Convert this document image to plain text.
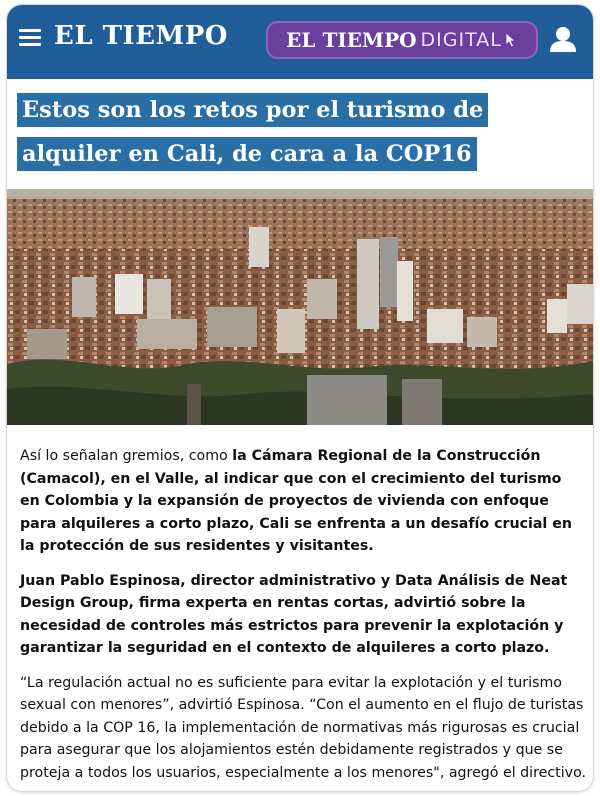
EL TIEMPO	EL TIEMPO DIGITAL
Estos son los retos por el turismo de alquiler en Cali, de cara a la COP16

Así lo señalan gremios, como la Cámara Regional de la Construcción (Camacol), en el Valle, al indicar que con el crecimiento del turismo en Colombia y la expansión de proyectos de vivienda con enfoque para alquileres a corto plazo, Cali se enfrenta a un desafío crucial en la protección de sus residentes y visitantes.

Juan Pablo Espinosa, director administrativo y Data Análisis de Neat Design Group, firma experta en rentas cortas, advirtió sobre la necesidad de controles más estrictos para prevenir la explotación y garantizar la seguridad en el contexto de alquileres a corto plazo.

“La regulación actual no es suficiente para evitar la explotación y el turismo sexual con menores”, advirtió Espinosa. “Con el aumento en el flujo de turistas debido a la COP 16, la implementación de normativas más rigurosas es crucial para asegurar que los alojamientos estén debidamente registrados y que se proteja a todos los usuarios, especialmente a los menores", agregó el directivo.
